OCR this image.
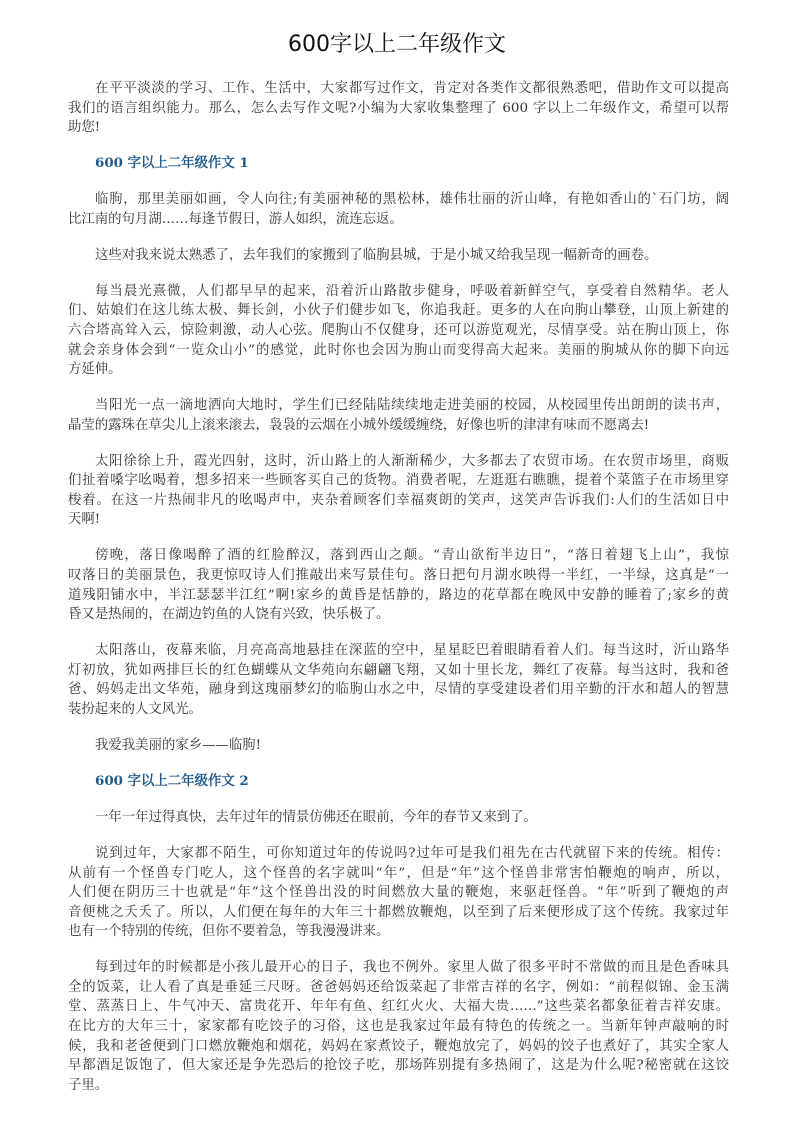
600字以上二年级作文
在平平淡淡的学习、工作、生活中，大家都写过作文，肯定对各类作文都很熟悉吧，借助作文可以提高
我们的语言组织能力。那么，怎么去写作文呢?小编为大家收集整理了 600 字以上二年级作文，希望可以帮
助您!
600 字以上二年级作文 1
临朐，那里美丽如画，令人向往;有美丽神秘的黑松林，雄伟壮丽的沂山峰，有艳如香山的`石门坊，阔
比江南的句月湖……每逢节假日，游人如织，流连忘返。
这些对我来说太熟悉了，去年我们的家搬到了临朐县城，于是小城又给我呈现一幅新奇的画卷。
每当晨光熹微，人们都早早的起来，沿着沂山路散步健身，呼吸着新鲜空气，享受着自然精华。老人
们、姑娘们在这儿练太极、舞长剑，小伙子们健步如飞，你追我赶。更多的人在向朐山攀登，山顶上新建的
六合塔高耸入云，惊险刺激，动人心弦。爬朐山不仅健身，还可以游览观光，尽情享受。站在朐山顶上，你
就会亲身体会到“一览众山小”的感觉，此时你也会因为朐山而变得高大起来。美丽的朐城从你的脚下向远
方延伸。
当阳光一点一滴地洒向大地时，学生们已经陆陆续续地走进美丽的校园，从校园里传出朗朗的读书声，
晶莹的露珠在草尖儿上滚来滚去，袅袅的云烟在小城外缓缓缠绕，好像也听的津津有味而不愿离去!
太阳徐徐上升，霞光四射，这时，沂山路上的人渐渐稀少，大多都去了农贸市场。在农贸市场里，商贩
们扯着嗓字吆喝着，想多招来一些顾客买自己的货物。消费者呢，左逛逛右瞧瞧，提着个菜篮子在市场里穿
梭着。在这一片热闹非凡的吆喝声中，夹杂着顾客们幸福爽朗的笑声，这笑声告诉我们:人们的生活如日中
天啊!
傍晚，落日像喝醉了酒的红脸醉汉，落到西山之颠。“青山欲衔半边日”，“落日着翅飞上山”，我惊
叹落日的美丽景色，我更惊叹诗人们推敲出来写景佳句。落日把句月湖水映得一半红，一半绿，这真是“一
道残阳铺水中，半江瑟瑟半江红”啊!家乡的黄昏是恬静的，路边的花草都在晚风中安静的睡着了;家乡的黄
昏又是热闹的，在湖边钓鱼的人饶有兴致，快乐极了。
太阳落山，夜幕来临，月亮高高地悬挂在深蓝的空中，星星眨巴着眼睛看着人们。每当这时，沂山路华
灯初放，犹如两排巨长的红色蝴蝶从文华苑向东翩翩飞翔，又如十里长龙，舞红了夜幕。每当这时，我和爸
爸、妈妈走出文华苑，融身到这瑰丽梦幻的临朐山水之中，尽情的享受建设者们用辛勤的汗水和超人的智慧
装扮起来的人文风光。
我爱我美丽的家乡——临朐!
600 字以上二年级作文 2
一年一年过得真快，去年过年的情景仿佛还在眼前，今年的春节又来到了。
说到过年，大家都不陌生，可你知道过年的传说吗?过年可是我们祖先在古代就留下来的传统。相传：
从前有一个怪兽专门吃人，这个怪兽的名字就叫“年”，但是“年”这个怪兽非常害怕鞭炮的响声，所以，
人们便在阴历三十也就是“年”这个怪兽出没的时间燃放大量的鞭炮，来驱赶怪兽。“年”听到了鞭炮的声
音便桃之夭夭了。所以，人们便在每年的大年三十都燃放鞭炮，以至到了后来便形成了这个传统。我家过年
也有一个特别的传统，但你不要着急，等我漫漫讲来。
每到过年的时候都是小孩儿最开心的日子，我也不例外。家里人做了很多平时不常做的而且是色香味具
全的饭菜，让人看了真是垂延三尺呀。爸爸妈妈还给饭菜起了非常吉祥的名字，例如：“前程似锦、金玉满
堂、蒸蒸日上、牛气冲天、富贵花开、年年有鱼、红红火火、大福大贵……”这些菜名都象征着吉祥安康。
在比方的大年三十，家家都有吃饺子的习俗，这也是我家过年最有特色的传统之一。当新年钟声敲响的时
候，我和老爸便到门口燃放鞭炮和烟花，妈妈在家煮饺子，鞭炮放完了，妈妈的饺子也煮好了，其实全家人
早都酒足饭饱了，但大家还是争先恐后的抢饺子吃，那场阵别提有多热闹了，这是为什么呢?秘密就在这饺
子里。
